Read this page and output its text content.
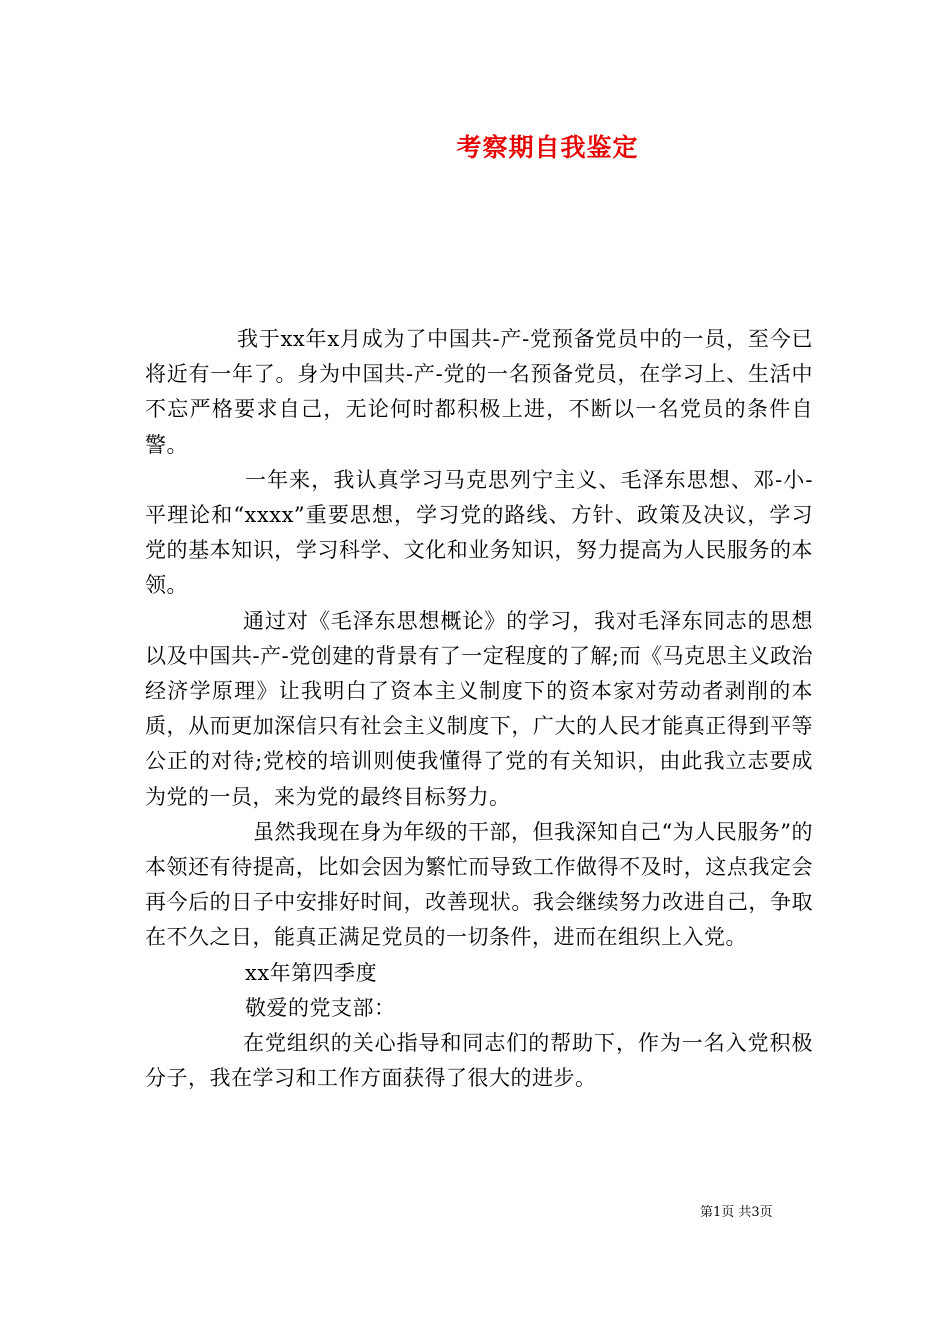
考察期自我鉴定

我于xx年x月成为了中国共-产-党预备党员中的一员，至今已将近有一年了。身为中国共-产-党的一名预备党员，在学习上、生活中不忘严格要求自己，无论何时都积极上进，不断以一名党员的条件自警。

一年来，我认真学习马克思列宁主义、毛泽东思想、邓-小-平理论和“xxxx”重要思想，学习党的路线、方针、政策及决议，学习党的基本知识，学习科学、文化和业务知识，努力提高为人民服务的本领。

通过对《毛泽东思想概论》的学习，我对毛泽东同志的思想以及中国共-产-党创建的背景有了一定程度的了解;而《马克思主义政治经济学原理》让我明白了资本主义制度下的资本家对劳动者剥削的本质，从而更加深信只有社会主义制度下，广大的人民才能真正得到平等公正的对待;党校的培训则使我懂得了党的有关知识，由此我立志要成为党的一员，来为党的最终目标努力。

虽然我现在身为年级的干部，但我深知自己“为人民服务”的本领还有待提高，比如会因为繁忙而导致工作做得不及时，这点我定会再今后的日子中安排好时间，改善现状。我会继续努力改进自己，争取在不久之日，能真正满足党员的一切条件，进而在组织上入党。

xx年第四季度

敬爱的党支部：

在党组织的关心指导和同志们的帮助下，作为一名入党积极分子，我在学习和工作方面获得了很大的进步。

第1页 共3页
